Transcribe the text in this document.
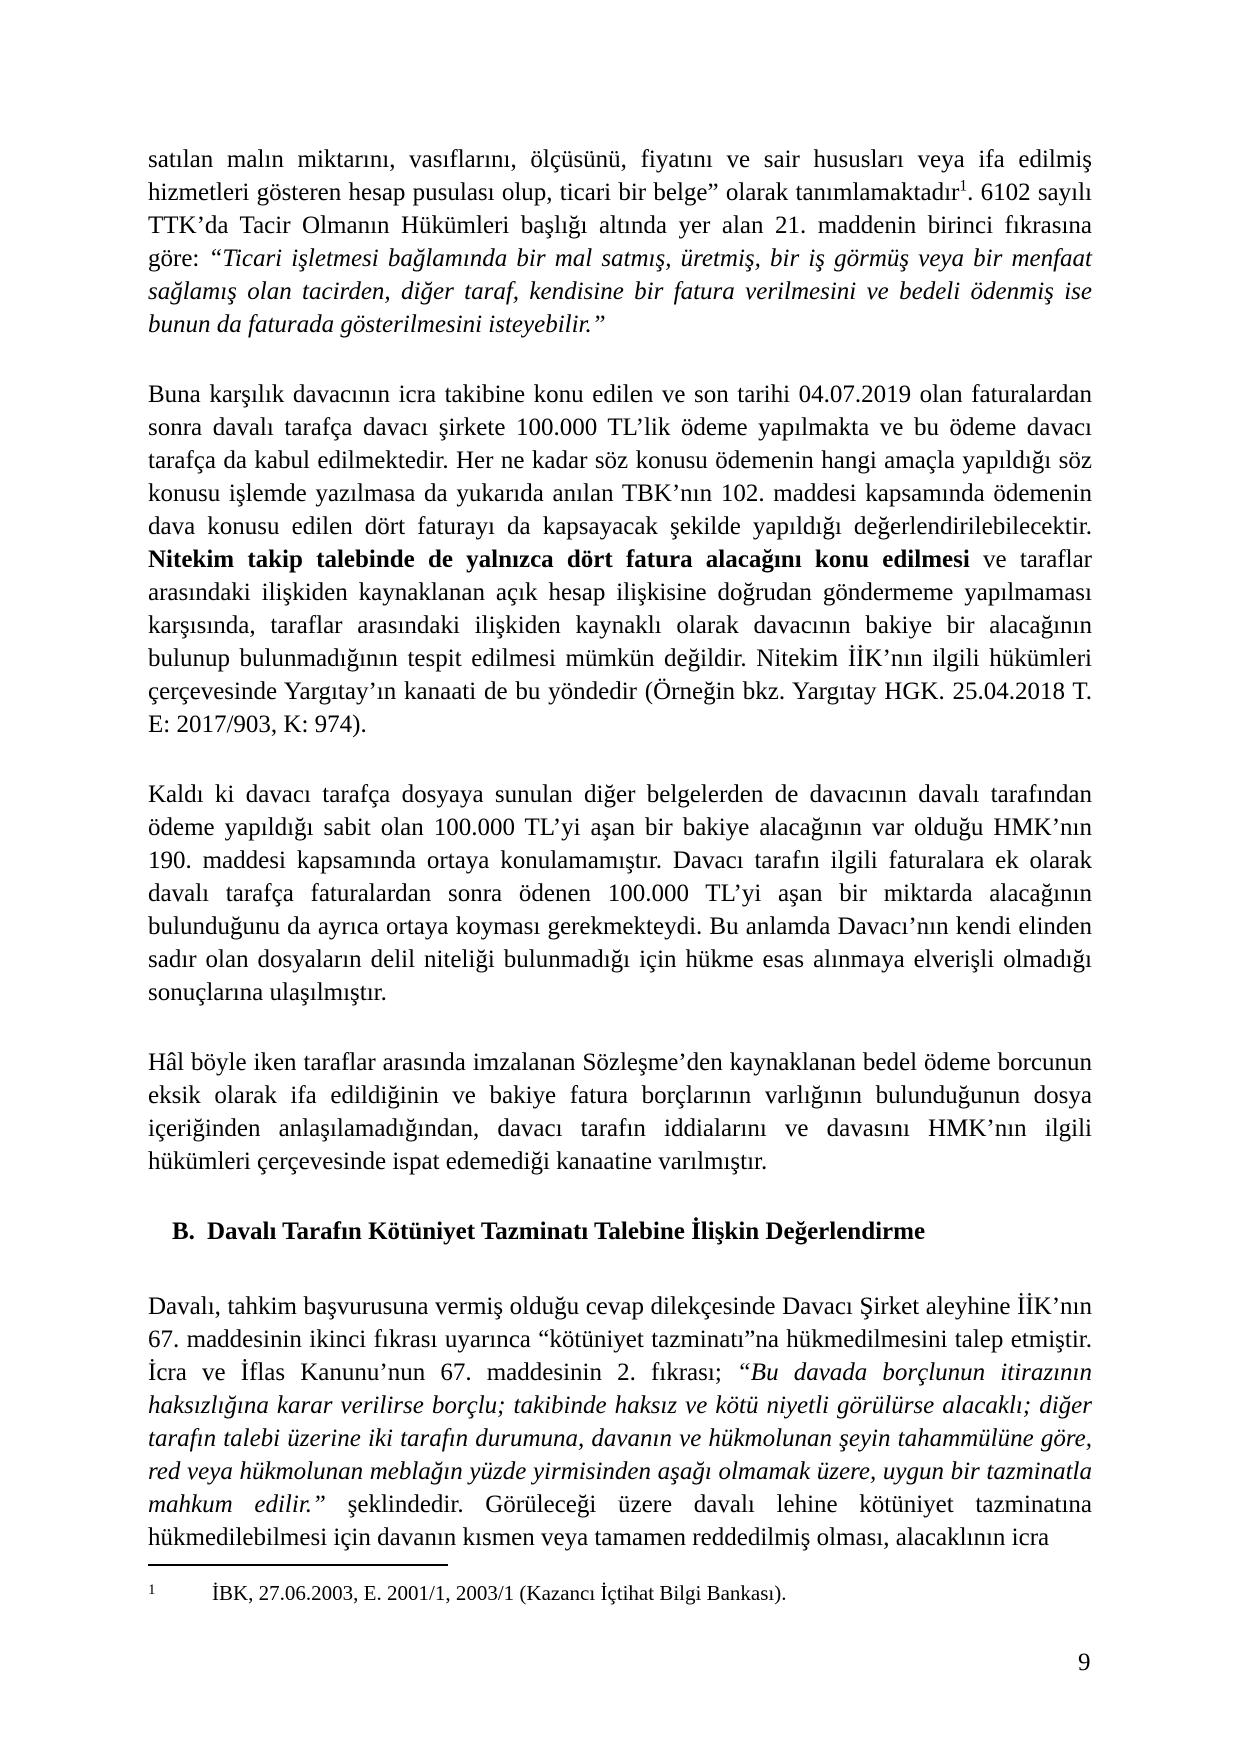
satılan malın miktarını, vasıflarını, ölçüsünü, fiyatını ve sair hususları veya ifa edilmiş hizmetleri gösteren hesap pusulası olup, ticari bir belge” olarak tanımlamaktadır$^1$. 6102 sayılı TTK’da Tacir Olmanın Hükümleri başlığı altında yer alan 21. maddenin birinci fıkrasına göre: “Ticari işletmesi bağlamında bir mal satmış, üretmiş, bir iş görmüş veya bir menfaat sağlamış olan tacirden, diğer taraf, kendisine bir fatura verilmesini ve bedeli ödenmiş ise bunun da faturada gösterilmesini isteyebilir.”

Buna karşılık davacının icra takibine konu edilen ve son tarihi 04.07.2019 olan faturalardan sonra davalı tarafça davacı şirkete 100.000 TL’lik ödeme yapılmakta ve bu ödeme davacı tarafça da kabul edilmektedir. Her ne kadar söz konusu ödemenin hangi amaçla yapıldığı söz konusu işlemde yazılmasa da yukarıda anılan TBK’nın 102. maddesi kapsamında ödemenin dava konusu edilen dört faturayı da kapsayacak şekilde yapıldığı değerlendirilebilecektir. Nitekim takip talebinde de yalnızca dört fatura alacağını konu edilmesi ve taraflar arasındaki ilişkiden kaynaklanan açık hesap ilişkisine doğrudan göndermeme yapılmaması karşısında, taraflar arasındaki ilişkiden kaynaklı olarak davacının bakiye bir alacağının bulunup bulunmadığının tespit edilmesi mümkün değildir. Nitekim İİK’nın ilgili hükümleri çerçevesinde Yargıtay’ın kanaati de bu yöndedir (Örneğin bkz. Yargıtay HGK. 25.04.2018 T. E: 2017/903, K: 974).

Kaldı ki davacı tarafça dosyaya sunulan diğer belgelerden de davacının davalı tarafından ödeme yapıldığı sabit olan 100.000 TL’yi aşan bir bakiye alacağının var olduğu HMK’nın 190. maddesi kapsamında ortaya konulamamıştır. Davacı tarafın ilgili faturalara ek olarak davalı tarafça faturalardan sonra ödenen 100.000 TL’yi aşan bir miktarda alacağının bulunduğunu da ayrıca ortaya koyması gerekmekteydi. Bu anlamda Davacı’nın kendi elinden sadır olan dosyaların delil niteliği bulunmadığı için hükme esas alınmaya elverişli olmadığı sonuçlarına ulaşılmıştır.

Hâl böyle iken taraflar arasında imzalanan Sözleşme’den kaynaklanan bedel ödeme borcunun eksik olarak ifa edildiğinin ve bakiye fatura borçlarının varlığının bulunduğunun dosya içeriğinden anlaşılamadığından, davacı tarafın iddialarını ve davasını HMK’nın ilgili hükümleri çerçevesinde ispat edemediği kanaatine varılmıştır.

B. Davalı Tarafın Kötüniyet Tazminatı Talebine İlişkin Değerlendirme

Davalı, tahkim başvurusuna vermiş olduğu cevap dilekçesinde Davacı Şirket aleyhine İİK’nın 67. maddesinin ikinci fıkrası uyarınca “kötüniyet tazminatı”na hükmedilmesini talep etmiştir. İcra ve İflas Kanunu’nun 67. maddesinin 2. fıkrası; “Bu davada borçlunun itirazının haksızlığına karar verilirse borçlu; takibinde haksız ve kötü niyetli görülürse alacaklı; diğer tarafın talebi üzerine iki tarafın durumuna, davanın ve hükmolunan şeyin tahammülüne göre, red veya hükmolunan meblağın yüzde yirmisinden aşağı olmamak üzere, uygun bir tazminatla mahkum edilir.” şeklindedir. Görüleceği üzere davalı lehine kötüniyet tazminatına hükmedilebilmesi için davanın kısmen veya tamamen reddedilmiş olması, alacaklının icra

1	İBK, 27.06.2003, E. 2001/1, 2003/1 (Kazancı İçtihat Bilgi Bankası).
9
